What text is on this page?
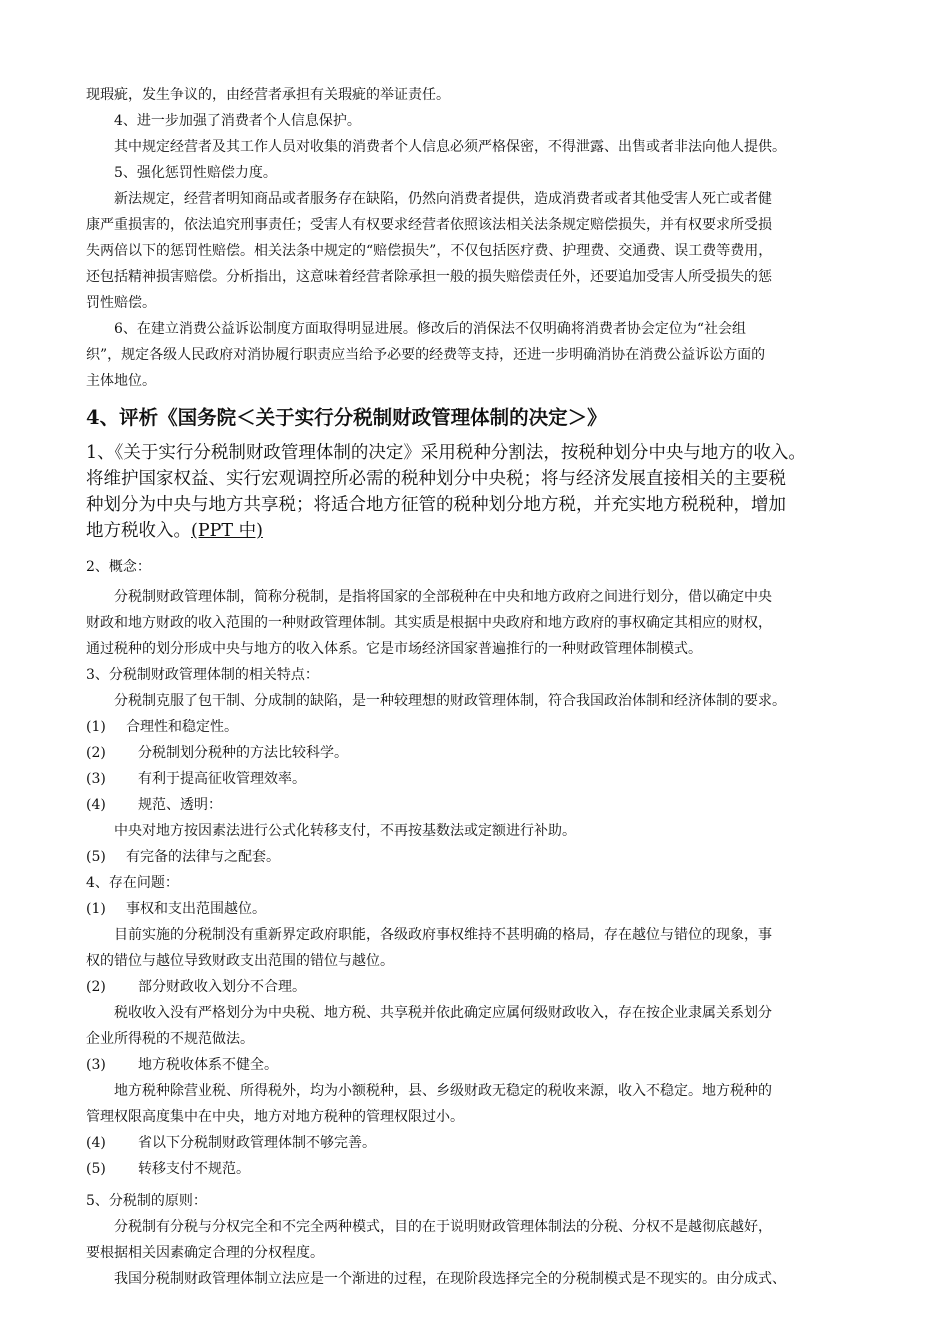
现瑕疵，发生争议的，由经营者承担有关瑕疵的举证责任。

4、进一步加强了消费者个人信息保护。

其中规定经营者及其工作人员对收集的消费者个人信息必须严格保密，不得泄露、出售或者非法向他人提供。

5、强化惩罚性赔偿力度。

新法规定，经营者明知商品或者服务存在缺陷，仍然向消费者提供，造成消费者或者其他受害人死亡或者健

康严重损害的，依法追究刑事责任；受害人有权要求经营者依照该法相关法条规定赔偿损失，并有权要求所受损

失两倍以下的惩罚性赔偿。相关法条中规定的“赔偿损失”，不仅包括医疗费、护理费、交通费、误工费等费用，

还包括精神损害赔偿。分析指出，这意味着经营者除承担一般的损失赔偿责任外，还要追加受害人所受损失的惩

罚性赔偿。

6、在建立消费公益诉讼制度方面取得明显进展。修改后的消保法不仅明确将消费者协会定位为“社会组

织”，规定各级人民政府对消协履行职责应当给予必要的经费等支持，还进一步明确消协在消费公益诉讼方面的

主体地位。

4、评析《国务院＜关于实行分税制财政管理体制的决定＞》
1、《关于实行分税制财政管理体制的决定》采用税种分割法，按税种划分中央与地方的收入。
将维护国家权益、实行宏观调控所必需的税种划分中央税；将与经济发展直接相关的主要税
种划分为中央与地方共享税；将适合地方征管的税种划分地方税，并充实地方税税种，增加
地方税收入。(PPT 中)

2、概念：

分税制财政管理体制，简称分税制，是指将国家的全部税种在中央和地方政府之间进行划分，借以确定中央

财政和地方财政的收入范围的一种财政管理体制。其实质是根据中央政府和地方政府的事权确定其相应的财权，

通过税种的划分形成中央与地方的收入体系。它是市场经济国家普遍推行的一种财政管理体制模式。

3、分税制财政管理体制的相关特点：

分税制克服了包干制、分成制的缺陷，是一种较理想的财政管理体制，符合我国政治体制和经济体制的要求。

(1) 合理性和稳定性。

(2) 分税制划分税种的方法比较科学。

(3) 有利于提高征收管理效率。

(4) 规范、透明：

中央对地方按因素法进行公式化转移支付，不再按基数法或定额进行补助。

(5) 有完备的法律与之配套。

4、存在问题：

(1) 事权和支出范围越位。

目前实施的分税制没有重新界定政府职能，各级政府事权维持不甚明确的格局，存在越位与错位的现象，事

权的错位与越位导致财政支出范围的错位与越位。

(2) 部分财政收入划分不合理。

税收收入没有严格划分为中央税、地方税、共享税并依此确定应属何级财政收入，存在按企业隶属关系划分

企业所得税的不规范做法。

(3) 地方税收体系不健全。

地方税种除营业税、所得税外，均为小额税种，县、乡级财政无稳定的税收来源，收入不稳定。地方税种的

管理权限高度集中在中央，地方对地方税种的管理权限过小。

(4) 省以下分税制财政管理体制不够完善。

(5) 转移支付不规范。

5、分税制的原则：

分税制有分税与分权完全和不完全两种模式，目的在于说明财政管理体制法的分税、分权不是越彻底越好，

要根据相关因素确定合理的分权程度。

我国分税制财政管理体制立法应是一个渐进的过程，在现阶段选择完全的分税制模式是不现实的。由分成式、
